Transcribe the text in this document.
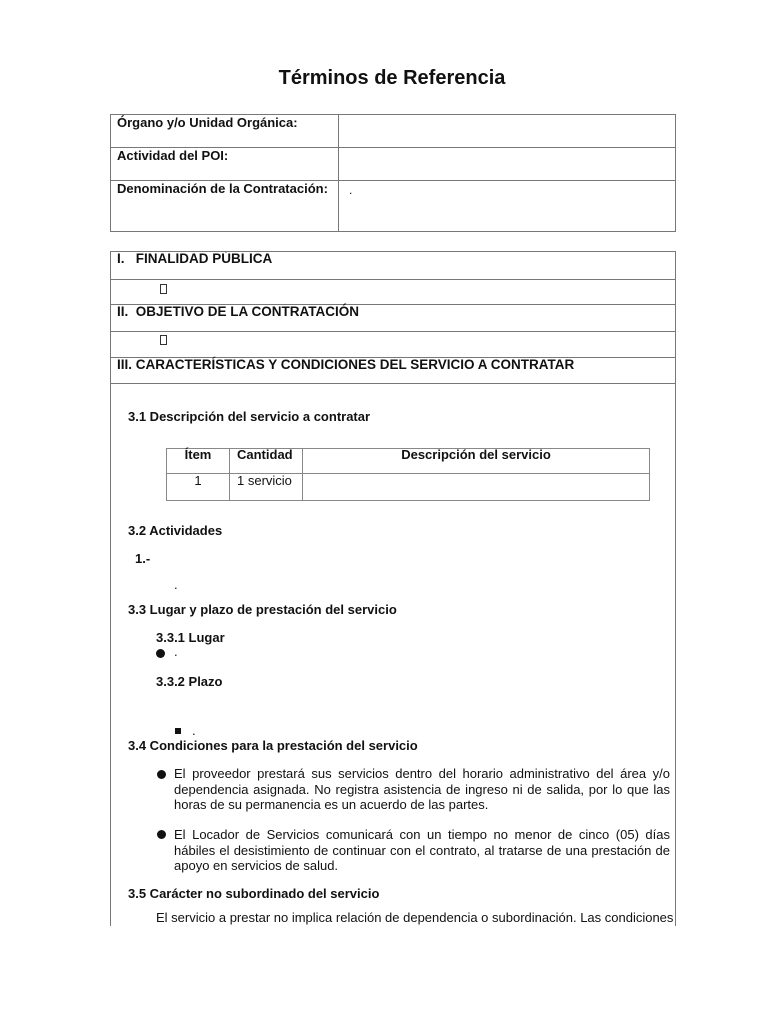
Términos de Referencia
Órgano y/o Unidad Orgánica:
Actividad del POI:
Denominación de la Contratación:	.
I.   FINALIDAD PÚBLICA
II.  OBJETIVO DE LA CONTRATACIÓN
III. CARACTERÍSTICAS Y CONDICIONES DEL SERVICIO A CONTRATAR
3.1 Descripción del servicio a contratar
Ítem	Cantidad	Descripción del servicio
1	1 servicio
3.2 Actividades
1.-
.
3.3 Lugar y plazo de prestación del servicio
3.3.1 Lugar
.
3.3.2 Plazo
.
3.4 Condiciones para la prestación del servicio
El proveedor prestará sus servicios dentro del horario administrativo del área y/o dependencia asignada. No registra asistencia de ingreso ni de salida, por lo que las horas de su permanencia es un acuerdo de las partes.
El Locador de Servicios comunicará con un tiempo no menor de cinco (05) días hábiles el desistimiento de continuar con el contrato, al tratarse de una prestación de apoyo en servicios de salud.
3.5 Carácter no subordinado del servicio
El servicio a prestar no implica relación de dependencia o subordinación. Las condiciones
